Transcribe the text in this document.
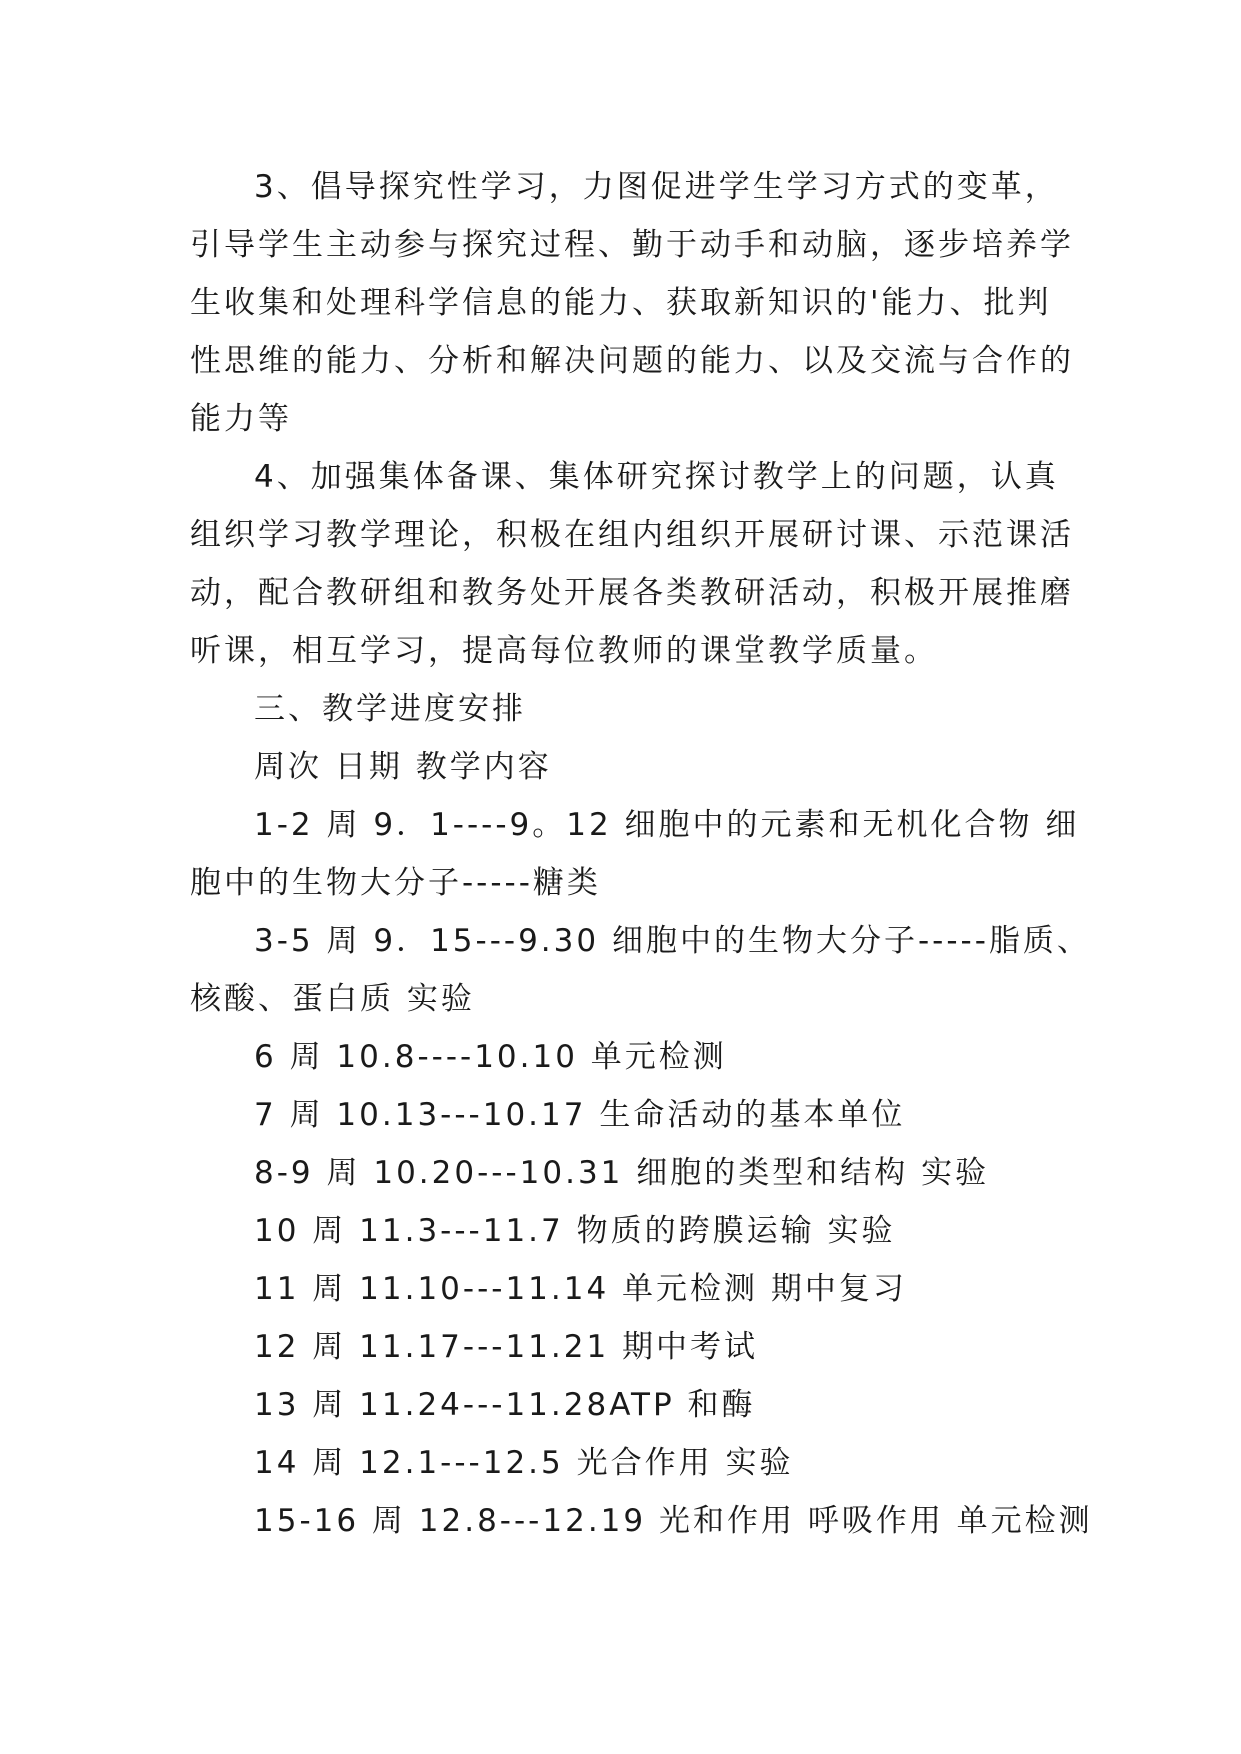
3、倡导探究性学习，力图促进学生学习方式的变革，
引导学生主动参与探究过程、勤于动手和动脑，逐步培养学
生收集和处理科学信息的能力、获取新知识的'能力、批判
性思维的能力、分析和解决问题的能力、以及交流与合作的
能力等

4、加强集体备课、集体研究探讨教学上的问题，认真
组织学习教学理论，积极在组内组织开展研讨课、示范课活
动，配合教研组和教务处开展各类教研活动，积极开展推磨
听课，相互学习，提高每位教师的课堂教学质量。

三、教学进度安排

周次 日期 教学内容

1-2 周 9．1----9。12 细胞中的元素和无机化合物 细
胞中的生物大分子-----糖类

3-5 周 9．15---9.30 细胞中的生物大分子-----脂质、
核酸、蛋白质 实验

6 周 10.8----10.10 单元检测

7 周 10.13---10.17 生命活动的基本单位

8-9 周 10.20---10.31 细胞的类型和结构 实验

10 周 11.3---11.7 物质的跨膜运输 实验

11 周 11.10---11.14 单元检测 期中复习

12 周 11.17---11.21 期中考试

13 周 11.24---11.28ATP 和酶

14 周 12.1---12.5 光合作用 实验

15-16 周 12.8---12.19 光和作用 呼吸作用 单元检测
